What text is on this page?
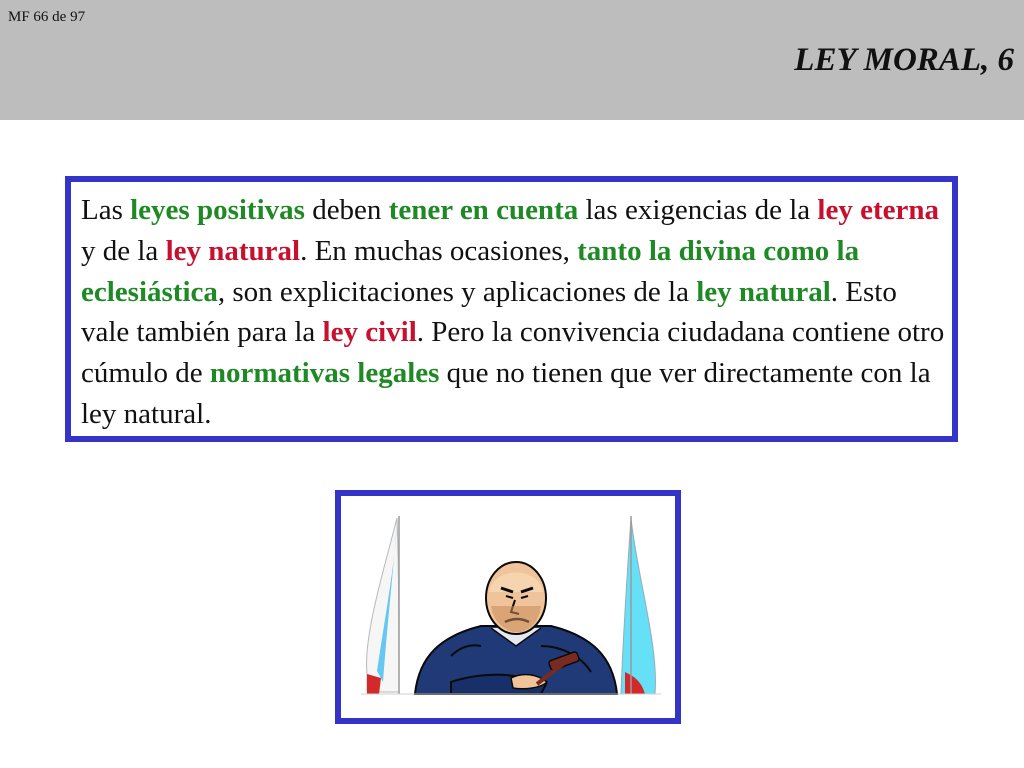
MF 66 de 97
LEY MORAL, 6

Las leyes positivas deben tener en cuenta las exigencias de la ley eterna y de la ley natural. En muchas ocasiones, tanto la divina como la eclesiástica, son explicitaciones y aplicaciones de la ley natural. Esto vale también para la ley civil. Pero la convivencia ciudadana contiene otro cúmulo de normativas legales que no tienen que ver directamente con la ley natural.
